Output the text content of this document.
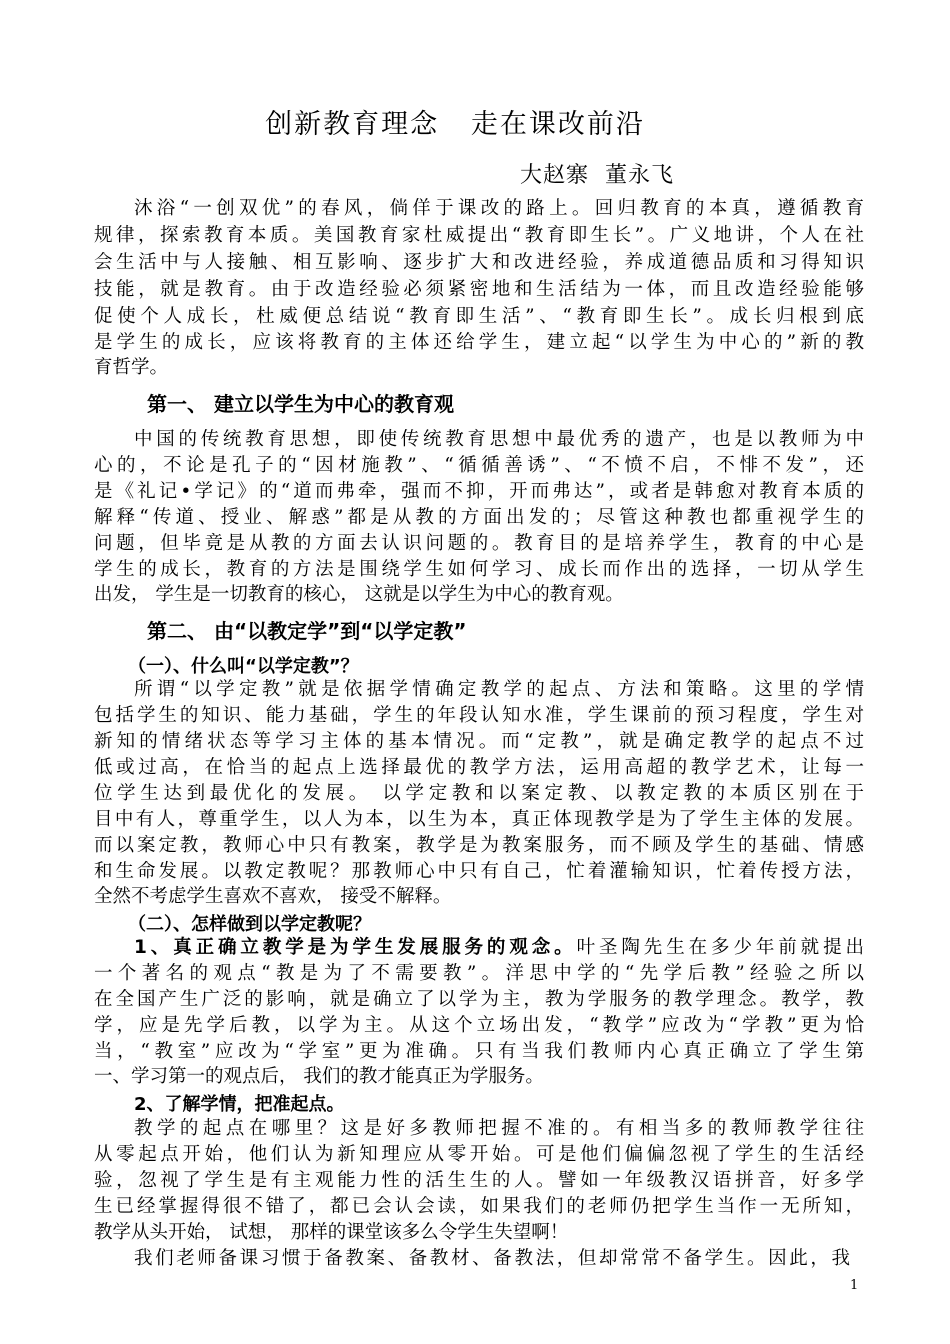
创新教育理念   走在课改前沿
大赵寨  董永飞
沐浴“一创双优”的春风，倘佯于课改的路上。回归教育的本真，遵循教育
规律，探索教育本质。美国教育家杜威提出“教育即生长”。广义地讲，个人在社
会生活中与人接触、相互影响、逐步扩大和改进经验，养成道德品质和习得知识
技能，就是教育。由于改造经验必须紧密地和生活结为一体，而且改造经验能够
促使个人成长，杜威便总结说“教育即生活”、“教育即生长”。成长归根到底
是学生的成长，应该将教育的主体还给学生，建立起“以学生为中心的”新的教
育哲学。
第一、 建立以学生为中心的教育观
中国的传统教育思想，即使传统教育思想中最优秀的遗产，也是以教师为中
心的，不论是孔子的“因材施教”、“循循善诱”、“不愤不启，不悱不发”，还
是《礼记•学记》的“道而弗牵，强而不抑，开而弗达”，或者是韩愈对教育本质的
解释“传道、授业、解惑”都是从教的方面出发的；尽管这种教也都重视学生的
问题，但毕竟是从教的方面去认识问题的。教育目的是培养学生，教育的中心是
学生的成长，教育的方法是围绕学生如何学习、成长而作出的选择，一切从学生
出发， 学生是一切教育的核心， 这就是以学生为中心的教育观。
第二、 由“以教定学”到“以学定教”
（一）、什么叫“以学定教”？
所谓“以学定教”就是依据学情确定教学的起点、方法和策略。这里的学情
包括学生的知识、能力基础，学生的年段认知水准，学生课前的预习程度，学生对
新知的情绪状态等学习主体的基本情况。而“定教”，就是确定教学的起点不过
低或过高，在恰当的起点上选择最优的教学方法，运用高超的教学艺术，让每一
位学生达到最优化的发展。 以学定教和以案定教、以教定教的本质区别在于
目中有人，尊重学生，以人为本，以生为本，真正体现教学是为了学生主体的发展。
而以案定教，教师心中只有教案，教学是为教案服务，而不顾及学生的基础、情感
和生命发展。以教定教呢？那教师心中只有自己，忙着灌输知识，忙着传授方法，
全然不考虑学生喜欢不喜欢， 接受不解释。
（二）、怎样做到以学定教呢？
1、真正确立教学是为学生发展服务的观念。叶圣陶先生在多少年前就提出
一个著名的观点“教是为了不需要教”。洋思中学的“先学后教”经验之所以
在全国产生广泛的影响，就是确立了以学为主，教为学服务的教学理念。教学，教
学，应是先学后教，以学为主。从这个立场出发，“教学”应改为“学教”更为恰
当，“教室”应改为“学室”更为准确。只有当我们教师内心真正确立了学生第
一、学习第一的观点后， 我们的教才能真正为学服务。
2、了解学情，把准起点。
教学的起点在哪里？这是好多教师把握不准的。有相当多的教师教学往往
从零起点开始，他们认为新知理应从零开始。可是他们偏偏忽视了学生的生活经
验，忽视了学生是有主观能力性的活生生的人。譬如一年级教汉语拼音，好多学
生已经掌握得很不错了，都已会认会读，如果我们的老师仍把学生当作一无所知，
教学从头开始， 试想， 那样的课堂该多么令学生失望啊！
我们老师备课习惯于备教案、备教材、备教法，但却常常不备学生。因此，我
1
